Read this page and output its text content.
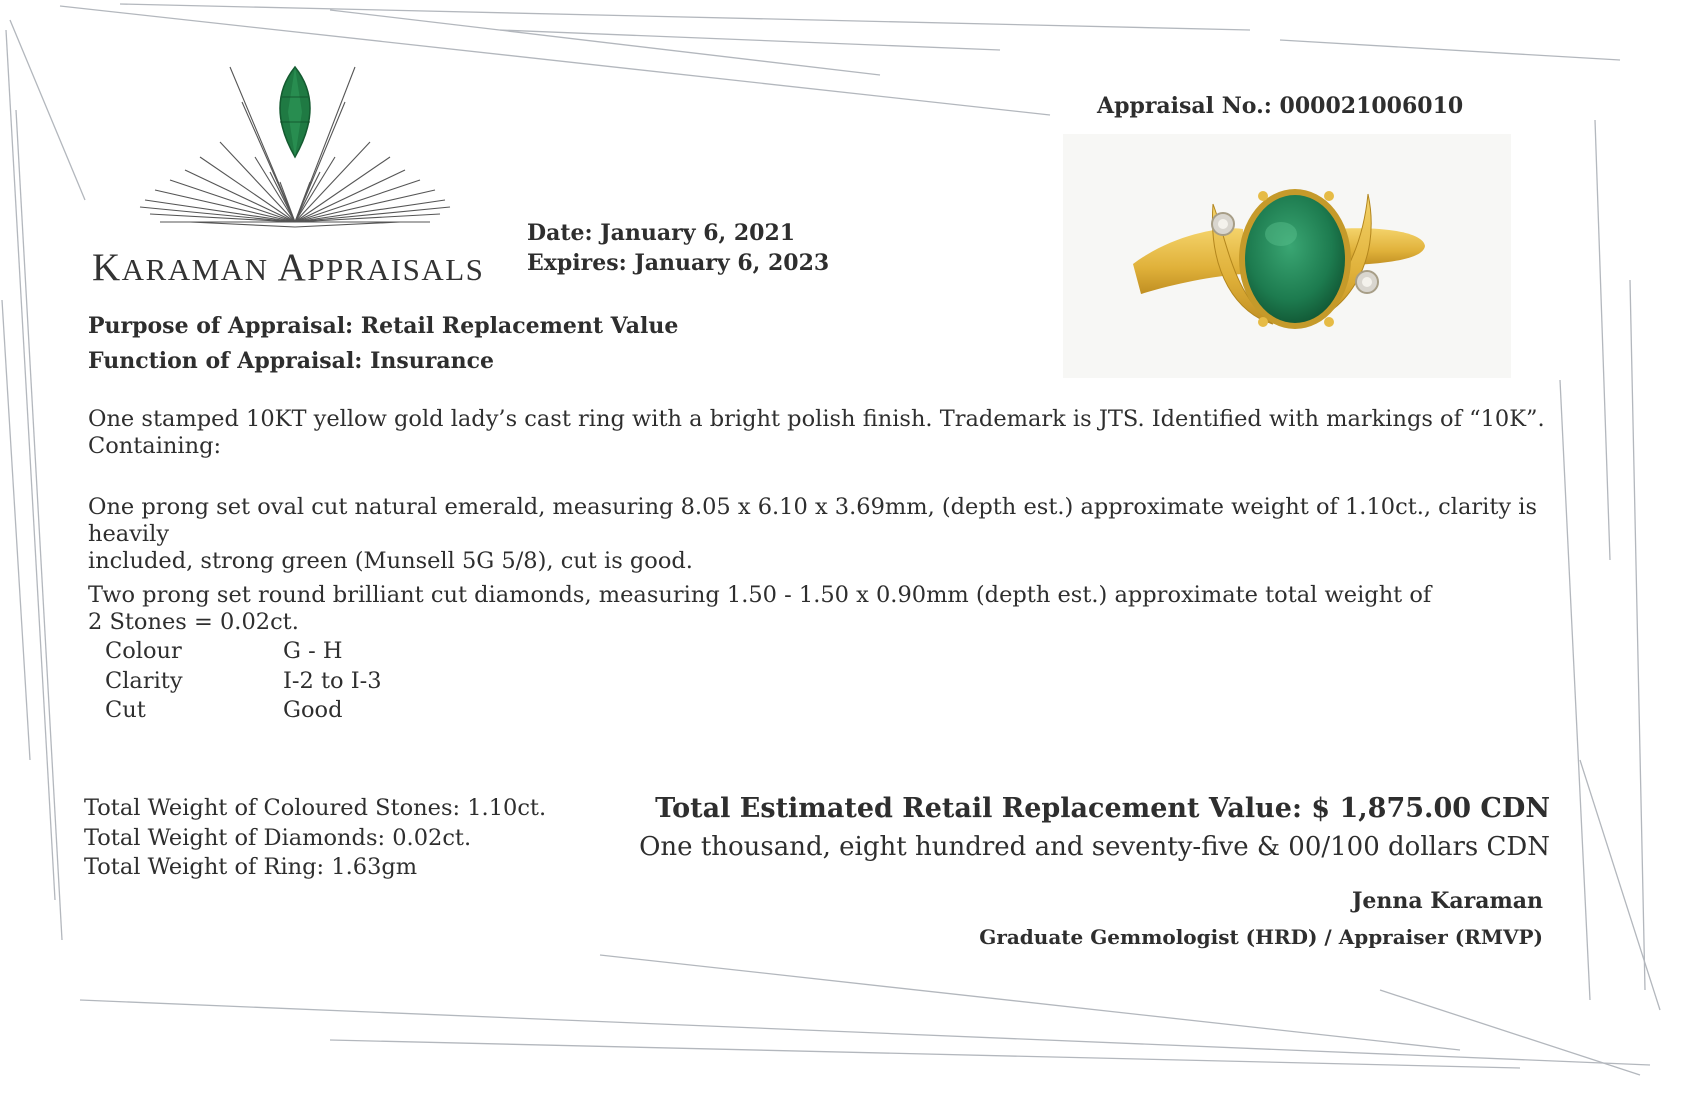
KARAMAN APPRAISALS
Date: January 6, 2021
Expires: January 6, 2023
Appraisal No.: 000021006010
Purpose of Appraisal: Retail Replacement Value
Function of Appraisal: Insurance
One stamped 10KT yellow gold lady’s cast ring with a bright polish finish. Trademark is JTS. Identified with markings of “10K”.
Containing:
One prong set oval cut natural emerald, measuring 8.05 x 6.10 x 3.69mm, (depth est.) approximate weight of 1.10ct., clarity is heavily
included, strong green (Munsell 5G 5/8), cut is good.
Two prong set round brilliant cut diamonds, measuring 1.50 - 1.50 x 0.90mm (depth est.) approximate total weight of
2 Stones = 0.02ct.
Colour	G - H
Clarity	I-2 to I-3
Cut	Good
Total Weight of Coloured Stones: 1.10ct.
Total Weight of Diamonds: 0.02ct.
Total Weight of Ring: 1.63gm
Total Estimated Retail Replacement Value: $ 1,875.00 CDN
One thousand, eight hundred and seventy-five & 00/100 dollars CDN
Jenna Karaman
Graduate Gemmologist (HRD) / Appraiser (RMVP)
